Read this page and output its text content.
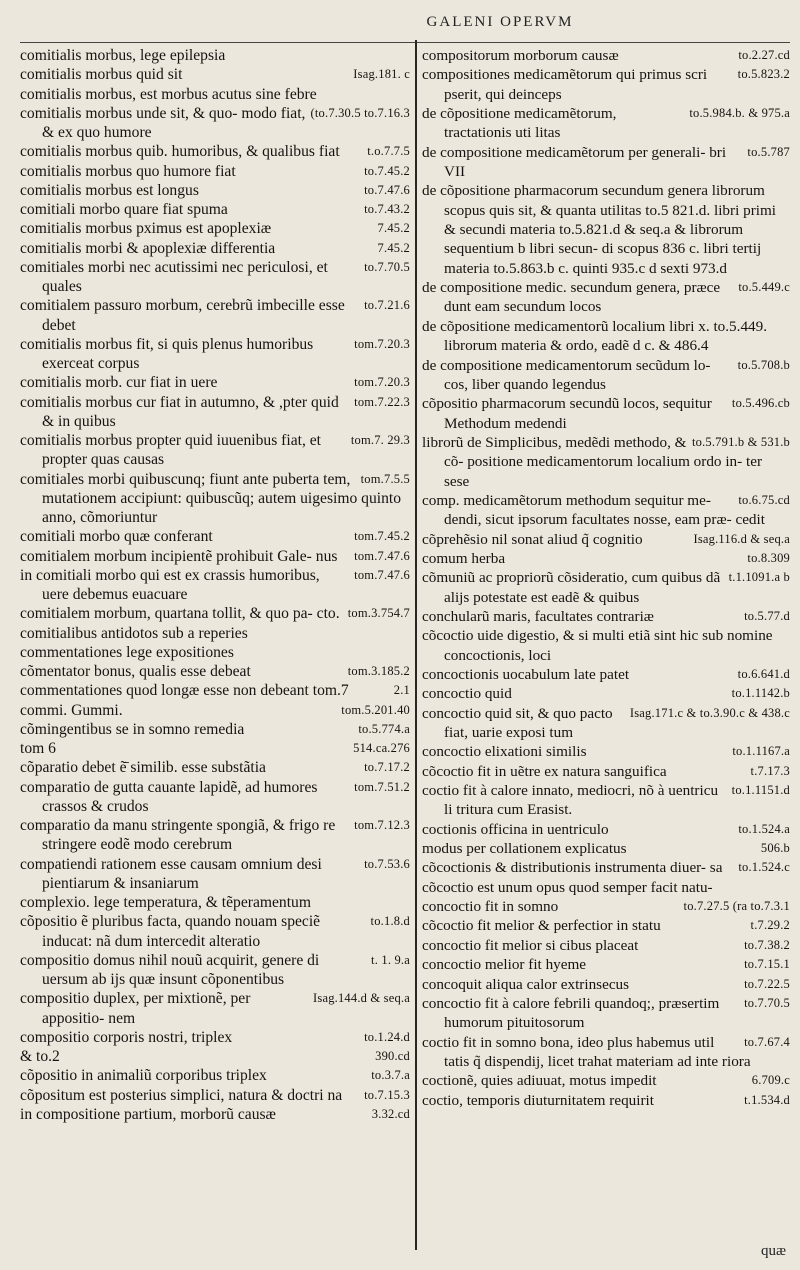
GALENI OPERVM

comitialis morbus, lege epilepsia

Isag.181. c
comitialis morbus quid sit

comitialis morbus, est morbus acutus sine febre

(to.7.30.5 to.7.16.3
comitialis morbus unde sit, & quo- modo fiat, & ex quo humore

t.o.7.7.5
comitialis morbus quib. humoribus, & qualibus fiat

to.7.45.2
comitialis morbus quo humore fiat

to.7.47.6
comitialis morbus est longus

to.7.43.2
comitiali morbo quare fiat spuma

7.45.2
comitialis morbus pximus est apoplexiæ

7.45.2
comitialis morbi & apoplexiæ differentia

to.7.70.5
comitiales morbi nec acutissimi nec periculosi, et quales

to.7.21.6
comitialem passuro morbum, cerebrũ imbecille esse debet

tom.7.20.3
comitialis morbus fit, si quis plenus humoribus exerceat corpus

tom.7.20.3
comitialis morb. cur fiat in uere

tom.7.22.3
comitialis morbus cur fiat in autumno, & ,pter quid & in quibus

tom.7. 29.3
comitialis morbus propter quid iuuenibus fiat, et propter quas causas

tom.7.5.5
comitiales morbi quibuscunq; fiunt ante puberta tem, mutationem accipiunt: quibuscũq; autem uigesimo quinto anno, cõmoriuntur

tom.7.45.2
comitiali morbo quæ conferant

tom.7.47.6
comitialem morbum incipientẽ prohibuit Gale- nus

tom.7.47.6
in comitiali morbo qui est ex crassis humoribus, uere debemus euacuare

tom.3.754.7
comitialem morbum, quartana tollit, & quo pa- cto.

comitialibus antidotos sub a reperies

commentationes lege expositiones

tom.3.185.2
cõmentator bonus, qualis esse debeat

2.1
commentationes quod longæ esse non debeant tom.7

tom.5.201.40
commi. Gummi.

to.5.774.a
cõmingentibus se in somno remedia

514.ca.276
tom 6

to.7.17.2
cõparatio debet ẽ̄ similib. esse substãtia

tom.7.51.2
comparatio de gutta cauante lapidẽ, ad humores crassos & crudos

tom.7.12.3
comparatio da manu stringente spongiã, & frigo re stringere eodẽ modo cerebrum

to.7.53.6
compatiendi rationem esse causam omnium desi pientiarum & insaniarum

complexio. lege temperatura, & tẽperamentum

to.1.8.d
cõpositio ẽ pluribus facta, quando nouam speciẽ inducat: nã dum intercedit alteratio

t. 1. 9.a
compositio domus nihil nouũ acquirit, genere di uersum ab ijs quæ insunt cõponentibus

Isag.144.d & seq.a
compositio duplex, per mixtionẽ, per appositio- nem

to.1.24.d
compositio corporis nostri, triplex

390.cd
& to.2

to.3.7.a
cõpositio in animaliũ corporibus triplex

to.7.15.3
cõpositum est posterius simplici, natura & doctri na

3.32.cd
in compositione partium, morborũ causæ

to.2.27.cd
compositorum morborum causæ

to.5.823.2
compositiones medicamẽtorum qui primus scri pserit, qui deinceps

to.5.984.b. & 975.a
de cõpositione medicamẽtorum, tractationis uti litas

to.5.787
de compositione medicamẽtorum per generali- bri VII

de cõpositione pharmacorum secundum genera librorum scopus quis sit, & quanta utilitas to.5 821.d. libri primi & secundi materia to.5.821.d & seq.a & librorum sequentium b libri secun- di scopus 836 c. libri tertij materia to.5.863.b c. quinti 935.c d sexti 973.d

to.5.449.c
de compositione medic. secundum genera, præce dunt eam secundum locos

de cõpositione medicamentorũ localium libri x. to.5.449. librorum materia & ordo, eadẽ d c. & 486.4

to.5.708.b
de compositione medicamentorum secũdum lo- cos, liber quando legendus

to.5.496.cb
cõpositio pharmacorum secundũ locos, sequitur Methodum medendi

to.5.791.b & 531.b
librorũ de Simplicibus, medẽdi methodo, & cõ- positione medicamentorum localium ordo in- ter sese

to.6.75.cd
comp. medicamẽtorum methodum sequitur me- dendi, sicut ipsorum facultates nosse, eam præ- cedit

Isag.116.d & seq.a
cõprehẽsio nil sonat aliud q̃ cognitio

to.8.309
comum herba

t.1.1091.a b
cõmuniũ ac propriorũ cõsideratio, cum quibus dã alijs potestate est eadẽ & quibus

to.5.77.d
conchularũ maris, facultates contrariæ

cõcoctio uide digestio, & si multi etiã sint hic sub nomine concoctionis, loci

to.6.641.d
concoctionis uocabulum late patet

to.1.1142.b
concoctio quid

Isag.171.c & to.3.90.c & 438.c
concoctio quid sit, & quo pacto fiat, uarie exposi tum

to.1.1167.a
concoctio elixationi similis

t.7.17.3
cõcoctio fit in uẽtre ex natura sanguifica

to.1.1151.d
coctio fit à calore innato, mediocri, nõ à uentricu li tritura cum Erasist.

to.1.524.a
coctionis officina in uentriculo

506.b
modus per collationem explicatus

to.1.524.c
cõcoctionis & distributionis instrumenta diuer- sa

cõcoctio est unum opus quod semper facit natu-

to.7.27.5 (ra to.7.3.1
concoctio fit in somno

t.7.29.2
cõcoctio fit melior & perfectior in statu

to.7.38.2
concoctio fit melior si cibus placeat

to.7.15.1
concoctio melior fit hyeme

to.7.22.5
concoquit aliqua calor extrinsecus

to.7.70.5
concoctio fit à calore febrili quandoq;, præsertim humorum pituitosorum

to.7.67.4
coctio fit in somno bona, ideo plus habemus util tatis q̃ dispendij, licet trahat materiam ad inte riora

6.709.c
coctionẽ, quies adiuuat, motus impedit

t.1.534.d
coctio, temporis diuturnitatem requirit

quæ
